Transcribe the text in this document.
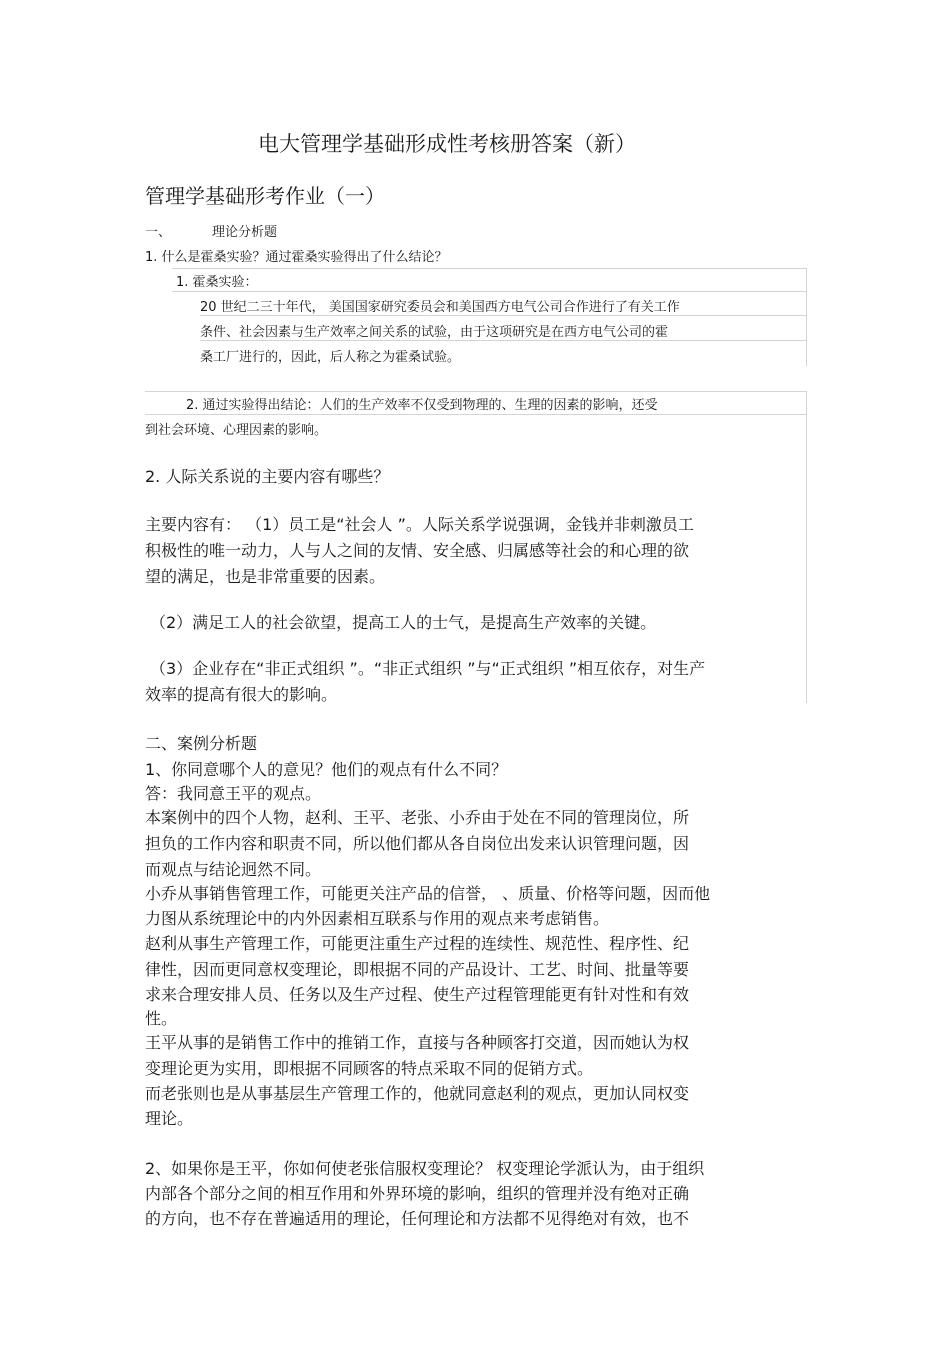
电大管理学基础形成性考核册答案（新）
管理学基础形考作业（一）
一、	理论分析题
1. 什么是霍桑实验？通过霍桑实验得出了什么结论？
1. 霍桑实验：
20 世纪二三十年代， 美国国家研究委员会和美国西方电气公司合作进行了有关工作
条件、社会因素与生产效率之间关系的试验，由于这项研究是在西方电气公司的霍
桑工厂进行的，因此，后人称之为霍桑试验。
2. 通过实验得出结论：人们的生产效率不仅受到物理的、生理的因素的影响，还受
到社会环境、心理因素的影响。
2. 人际关系说的主要内容有哪些？
主要内容有： （1）员工是“社会人 ”。人际关系学说强调，金钱并非刺激员工
积极性的唯一动力，人与人之间的友情、安全感、归属感等社会的和心理的欲
望的满足，也是非常重要的因素。
（2）满足工人的社会欲望，提高工人的士气，是提高生产效率的关键。
（3）企业存在“非正式组织 ”。“非正式组织 ”与“正式组织 ”相互依存，对生产
效率的提高有很大的影响。
二、案例分析题
1、你同意哪个人的意见？他们的观点有什么不同？
答：我同意王平的观点。
本案例中的四个人物，赵利、王平、老张、小乔由于处在不同的管理岗位，所
担负的工作内容和职责不同，所以他们都从各自岗位出发来认识管理问题，因
而观点与结论迥然不同。
小乔从事销售管理工作，可能更关注产品的信誉， 、质量、价格等问题，因而他
力图从系统理论中的内外因素相互联系与作用的观点来考虑销售。
赵利从事生产管理工作，可能更注重生产过程的连续性、规范性、程序性、纪
律性，因而更同意权变理论，即根据不同的产品设计、工艺、时间、批量等要
求来合理安排人员、任务以及生产过程、使生产过程管理能更有针对性和有效
性。
王平从事的是销售工作中的推销工作，直接与各种顾客打交道，因而她认为权
变理论更为实用，即根据不同顾客的特点采取不同的促销方式。
而老张则也是从事基层生产管理工作的，他就同意赵利的观点，更加认同权变
理论。
2、如果你是王平，你如何使老张信服权变理论？ 权变理论学派认为，由于组织
内部各个部分之间的相互作用和外界环境的影响，组织的管理并没有绝对正确
的方向，也不存在普遍适用的理论，任何理论和方法都不见得绝对有效，也不
